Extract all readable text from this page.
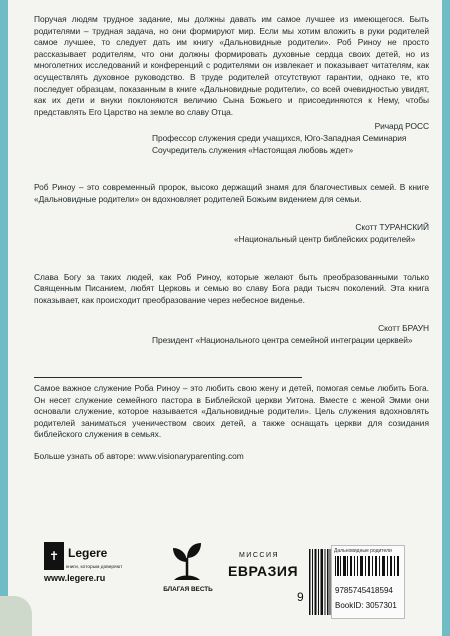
Поручая людям трудное задание, мы должны давать им самое лучшее из имеющегося. Быть родителями – трудная задача, но они формируют мир. Если мы хотим вложить в руки родителей самое лучшее, то следует дать им книгу «Дальновидные родители». Роб Риноу не просто рассказывает родителям, что они должны формировать духовные сердца своих детей, но из многолетних исследований и конференций с родителями он извлекает и показывает читателям, как осуществлять духовное руководство. В труде родителей отсутствуют гарантии, однако те, кто последует образцам, показанным в книге «Дальновидные родители», со всей очевидностью увидят, как их дети и внуки поклоняются величию Сына Божьего и присоединяются к Нему, чтобы представлять Его Царство на земле во славу Отца.

Ричард РОСС

Профессор служения среди учащихся, Юго-Западная Семинария

Соучредитель служения «Настоящая любовь ждет»

Роб Риноу – это современный пророк, высоко держащий знамя для благочестивых семей. В книге «Дальновидные родители» он вдохновляет родителей Божьим видением для семьи.

Скотт ТУРАНСКИЙ

«Национальный центр библейских родителей»

Слава Богу за таких людей, как Роб Риноу, которые желают быть преобразованными только Священным Писанием, любят Церковь и семью во славу Бога ради тысяч поколений. Эта книга показывает, как происходит преобразование через небесное виденье.

Скотт БРАУН

Президент «Национального центра семейной интеграции церквей»

Самое важное служение Роба Риноу – это любить свою жену и детей, помогая семье любить Бога. Он несет служение семейного пастора в Библейской церкви Уитона. Вместе с женой Эмми они основали служение, которое называется «Дальновидные родители». Цель служения вдохновлять родителей заниматься ученичеством своих детей, а также оснащать церкви для созидания библейского служения в семьях.

Больше узнать об авторе: www.visionaryparenting.com

✝ Legere
книги, которым доверяют
www.legere.ru
БЛАГАЯ ВЕСТЬ
МИССИЯ
ЕВРАЗИЯ
9
Дальновидные родители
9785745418594
BookID: 3057301
